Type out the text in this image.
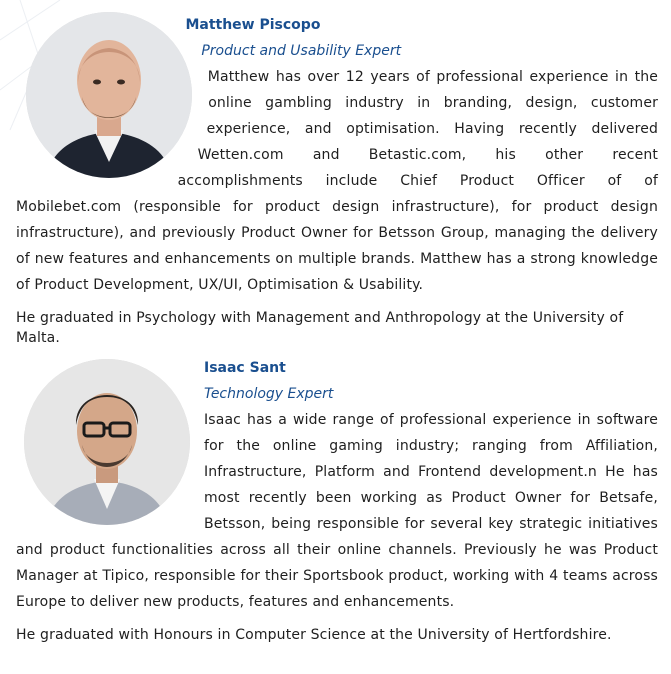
Matthew Piscopo

Product and Usability Expert

Matthew has over 12 years of professional experience in the online gambling industry in branding, design, customer experience, and optimisation. Having recently delivered Wetten.com and Betastic.com, his other recent accomplishments include Chief Product Officer of of Mobilebet.com (responsible for product design infrastructure), for product design infrastructure), and previously Product Owner for Betsson Group, managing the delivery of new features and enhancements on multiple brands. Matthew has a strong knowledge of Product Development, UX/UI, Optimisation & Usability.

He graduated in Psychology with Management and Anthropology at the University of Malta.

Isaac Sant

Technology Expert

Isaac has a wide range of professional experience in software for the online gaming industry; ranging from Affiliation, Infrastructure, Platform and Frontend development.n He has most recently been working as Product Owner for Betsafe, Betsson, being responsible for several key strategic initiatives and product functionalities across all their online channels. Previously he was Product Manager at Tipico, responsible for their Sportsbook product, working with 4 teams across Europe to deliver new products, features and enhancements.

He graduated with Honours in Computer Science at the University of Hertfordshire.
